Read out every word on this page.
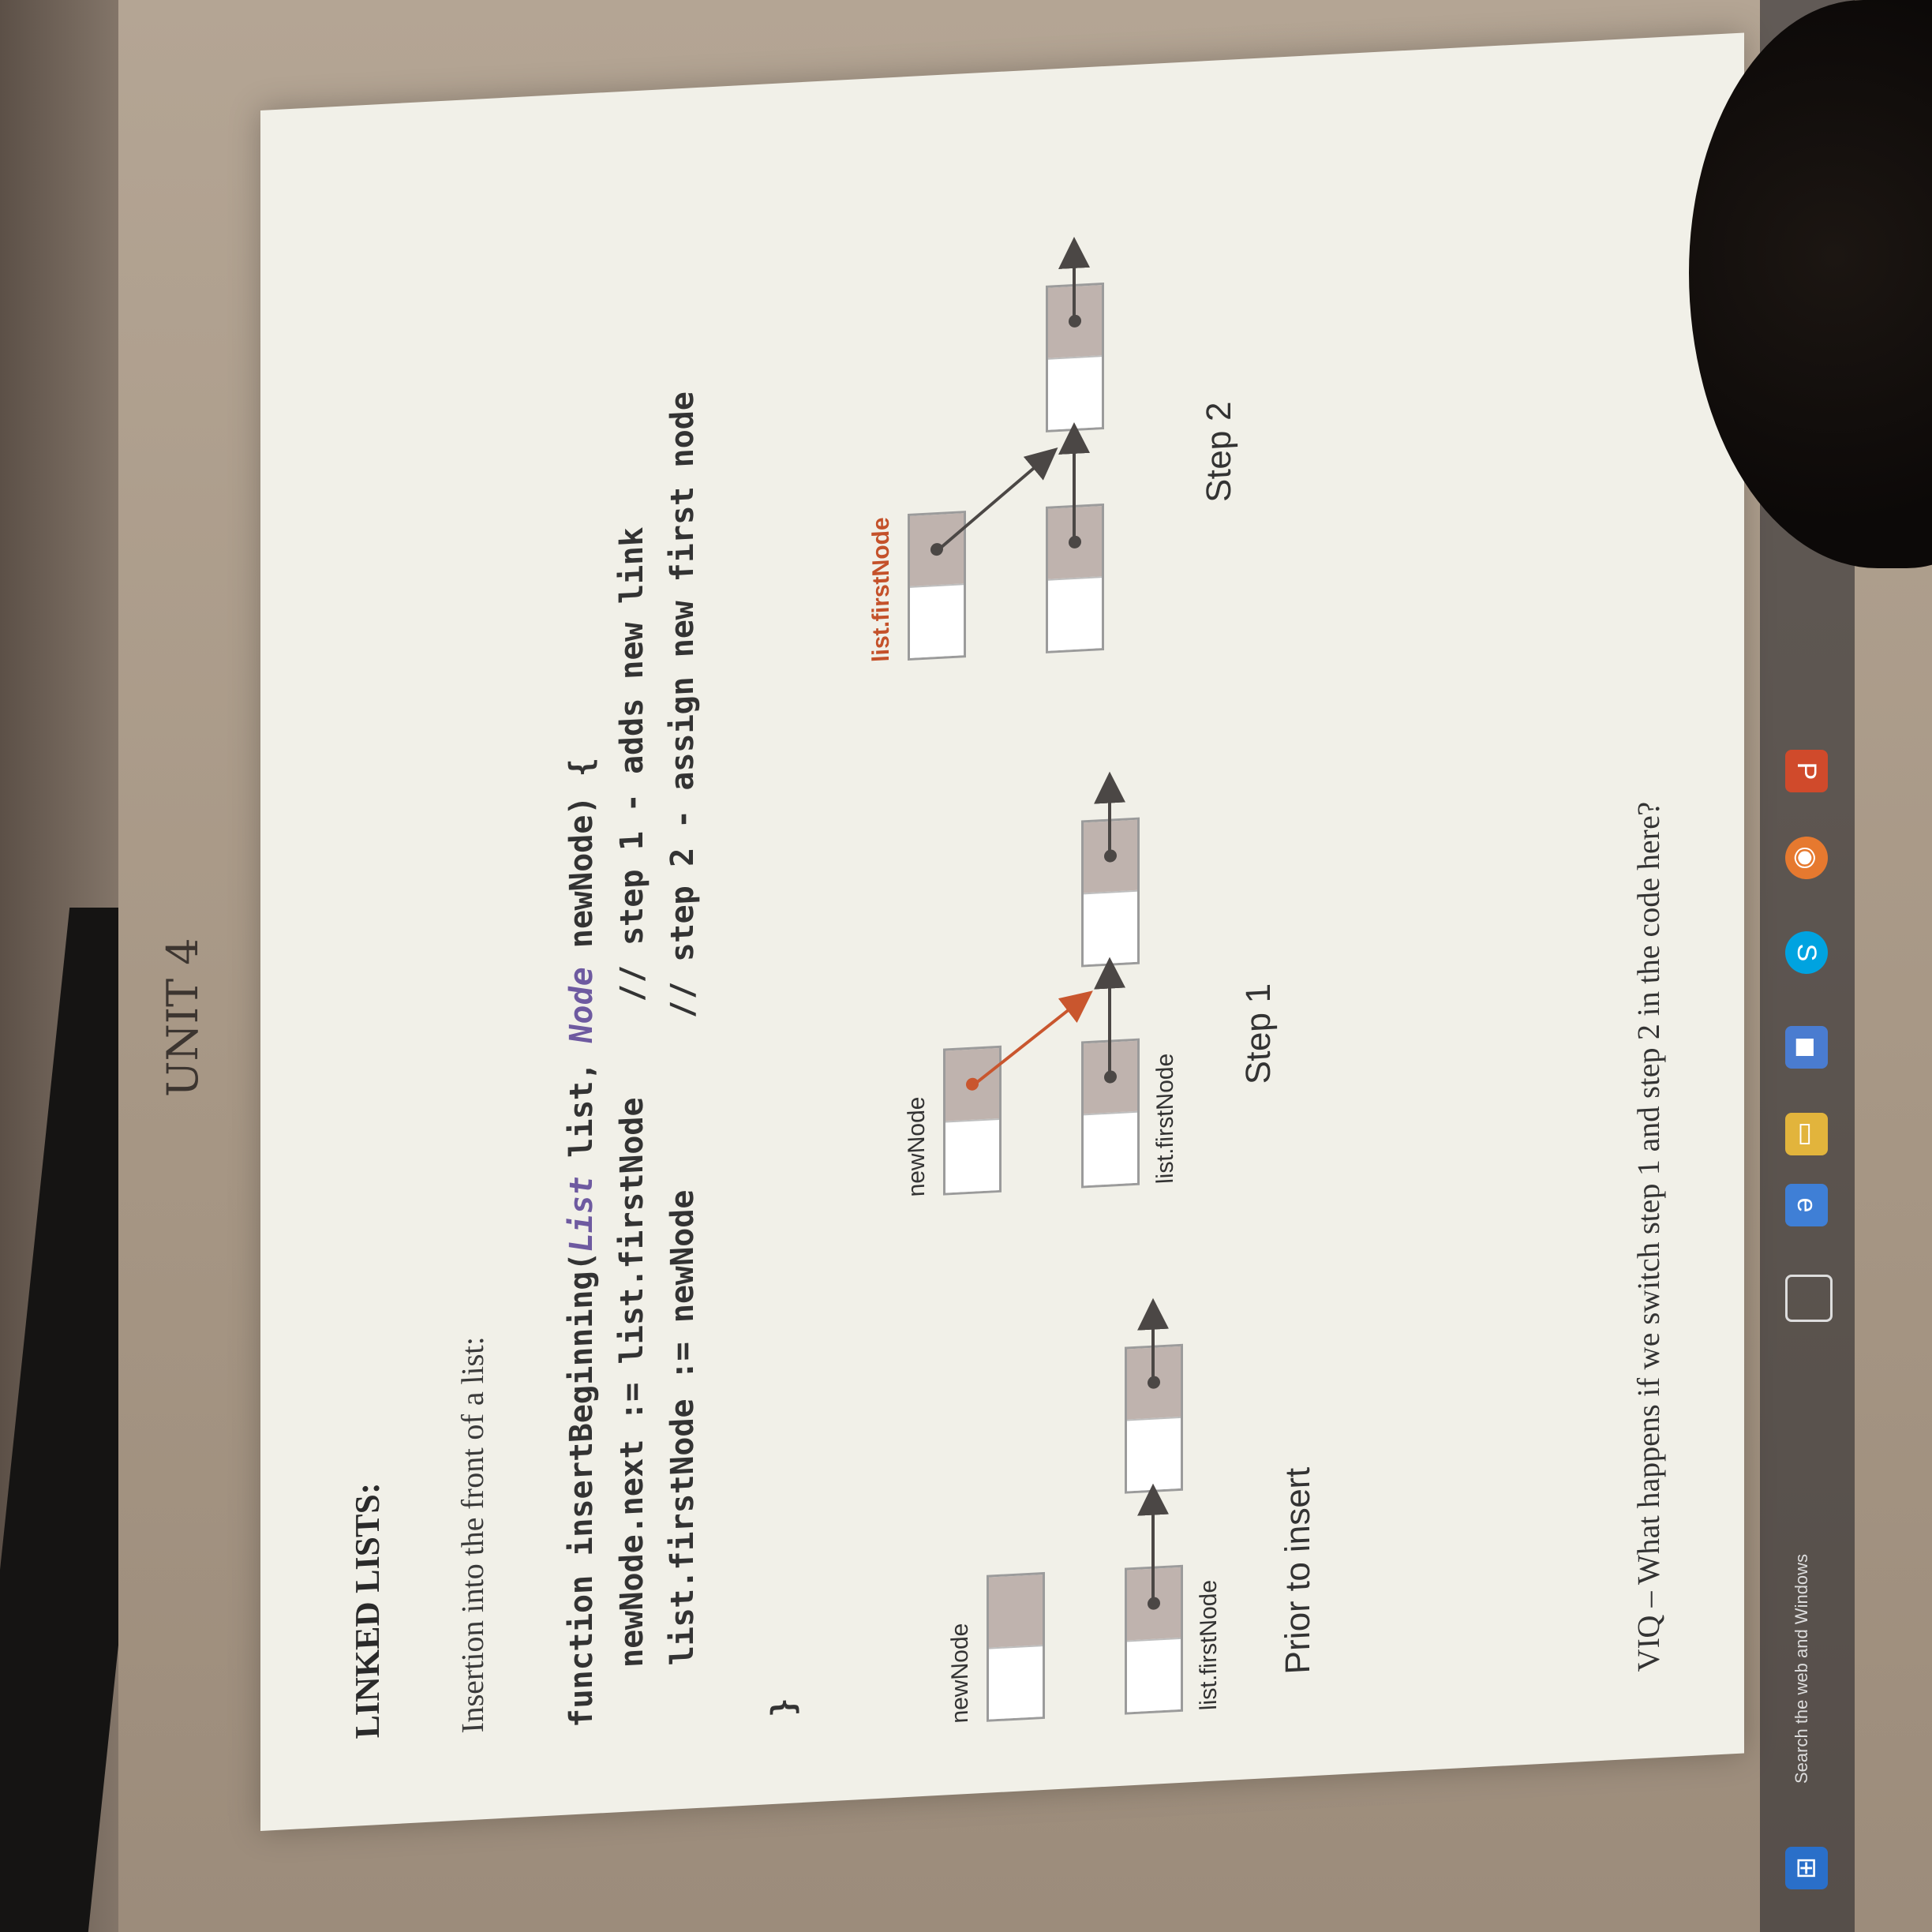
UNIT 4
LINKED LISTS: Insertion into the front of a list: function insertBeginning(List list, Node newNode) {
newNode.next := list.firstNode     // step 1 - adds new link
list.firstNode := newNode         // step 2 - assign new first node

}	newNode	list.firstNode Prior to insert
newNode	list.firstNode
Step 1
list.firstNode
Step 2
VIQ – What happens if we switch step 1 and step 2 in the code here?
⊞
Search the web and Windows
e
▭
◼
S
◉
P
